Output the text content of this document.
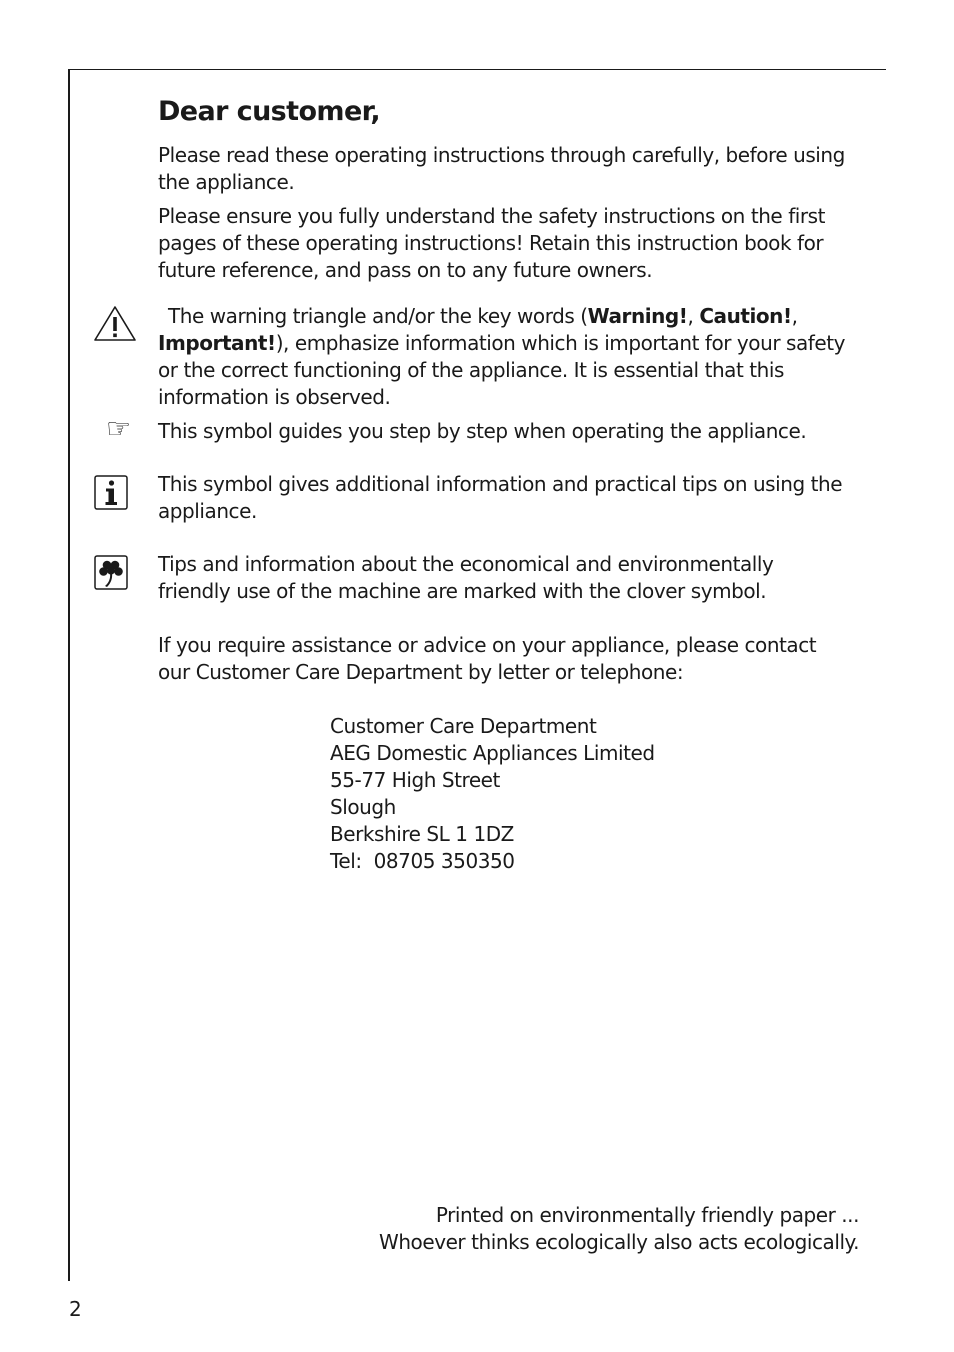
Dear customer,
Please read these operating instructions through carefully, before using
the appliance.
Please ensure you fully understand the safety instructions on the first
pages of these operating instructions! Retain this instruction book for
future reference, and pass on to any future owners.
The warning triangle and/or the key words (Warning!, Caution!,
Important!), emphasize information which is important for your safety
or the correct functioning of the appliance. It is essential that this
information is observed.
☞ This symbol guides you step by step when operating the appliance.
This symbol gives additional information and practical tips on using the
appliance.
Tips and information about the economical and environmentally
friendly use of the machine are marked with the clover symbol.
If you require assistance or advice on your appliance, please contact
our Customer Care Department by letter or telephone:
Customer Care Department
AEG Domestic Appliances Limited
55-77 High Street
Slough
Berkshire SL 1 1DZ
Tel: 08705 350350
Printed on environmentally friendly paper ...
Whoever thinks ecologically also acts ecologically.
2
